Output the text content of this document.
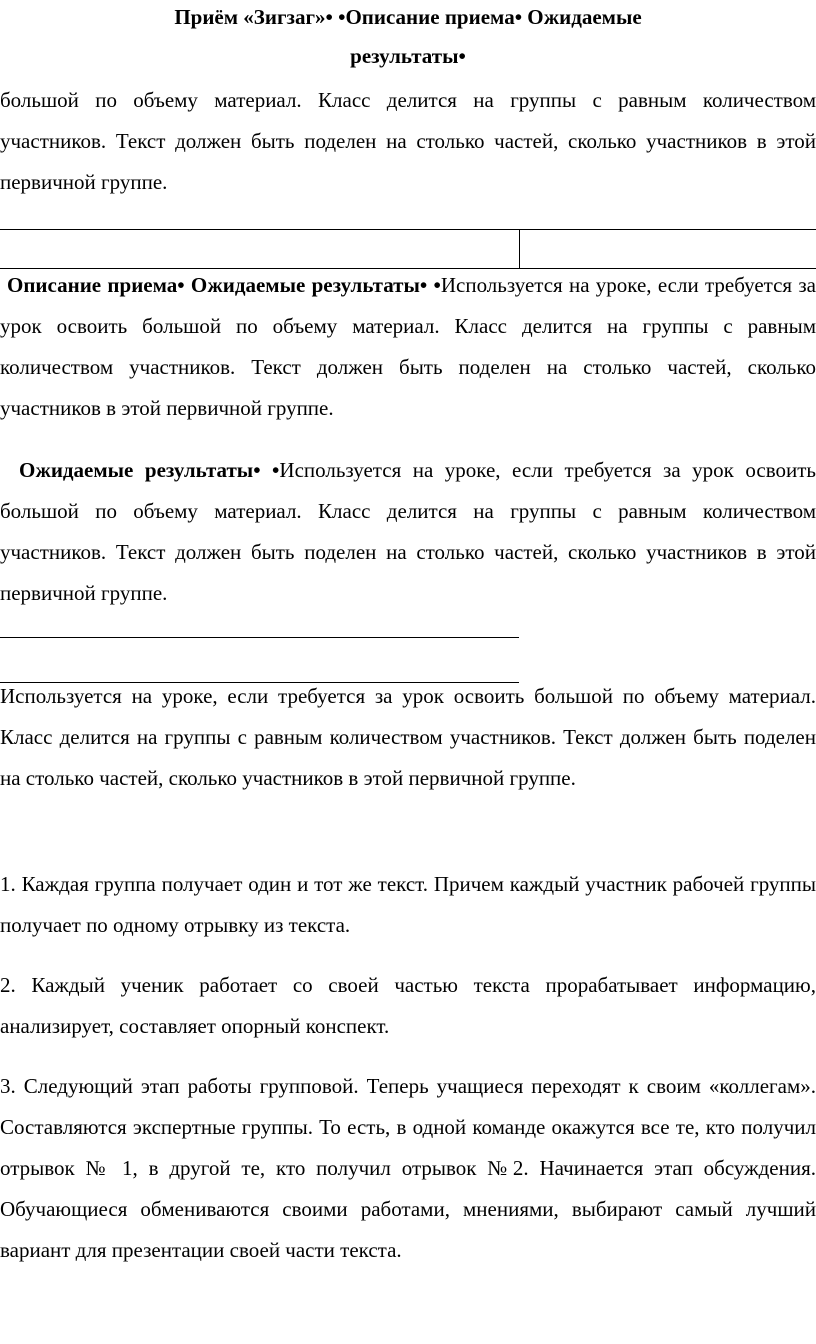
Приём «Зигзаг»• •Описание приема• Ожидаемые
результаты•
большой по объему материал. Класс делится на группы с равным количеством участников. Текст должен быть поделен на столько частей, сколько участников в этой первичной группе.
Описание приема• Ожидаемые результаты• •Используется на уроке, если требуется за урок освоить большой по объему материал. Класс делится на группы с равным количеством участников. Текст должен быть поделен на столько частей, сколько участников в этой первичной группе.
Ожидаемые результаты• •Используется на уроке, если требуется за урок освоить большой по объему материал. Класс делится на группы с равным количеством участников. Текст должен быть поделен на столько частей, сколько участников в этой первичной группе.
Используется на уроке, если требуется за урок освоить большой по объему материал. Класс делится на группы с равным количеством участников. Текст должен быть поделен на столько частей, сколько участников в этой первичной группе.
1. Каждая группа получает один и тот же текст. Причем каждый участник рабочей группы получает по одному отрывку из текста.
2. Каждый ученик работает со своей частью текста прорабатывает информацию, анализирует, составляет опорный конспект.
3. Следующий этап работы групповой. Теперь учащиеся переходят к своим «коллегам». Составляются экспертные группы. То есть, в одной команде окажутся все те, кто получил отрывок № 1, в другой те, кто получил отрывок №2. Начинается этап обсуждения. Обучающиеся обмениваются своими работами, мнениями, выбирают самый лучший вариант для презентации своей части текста.
